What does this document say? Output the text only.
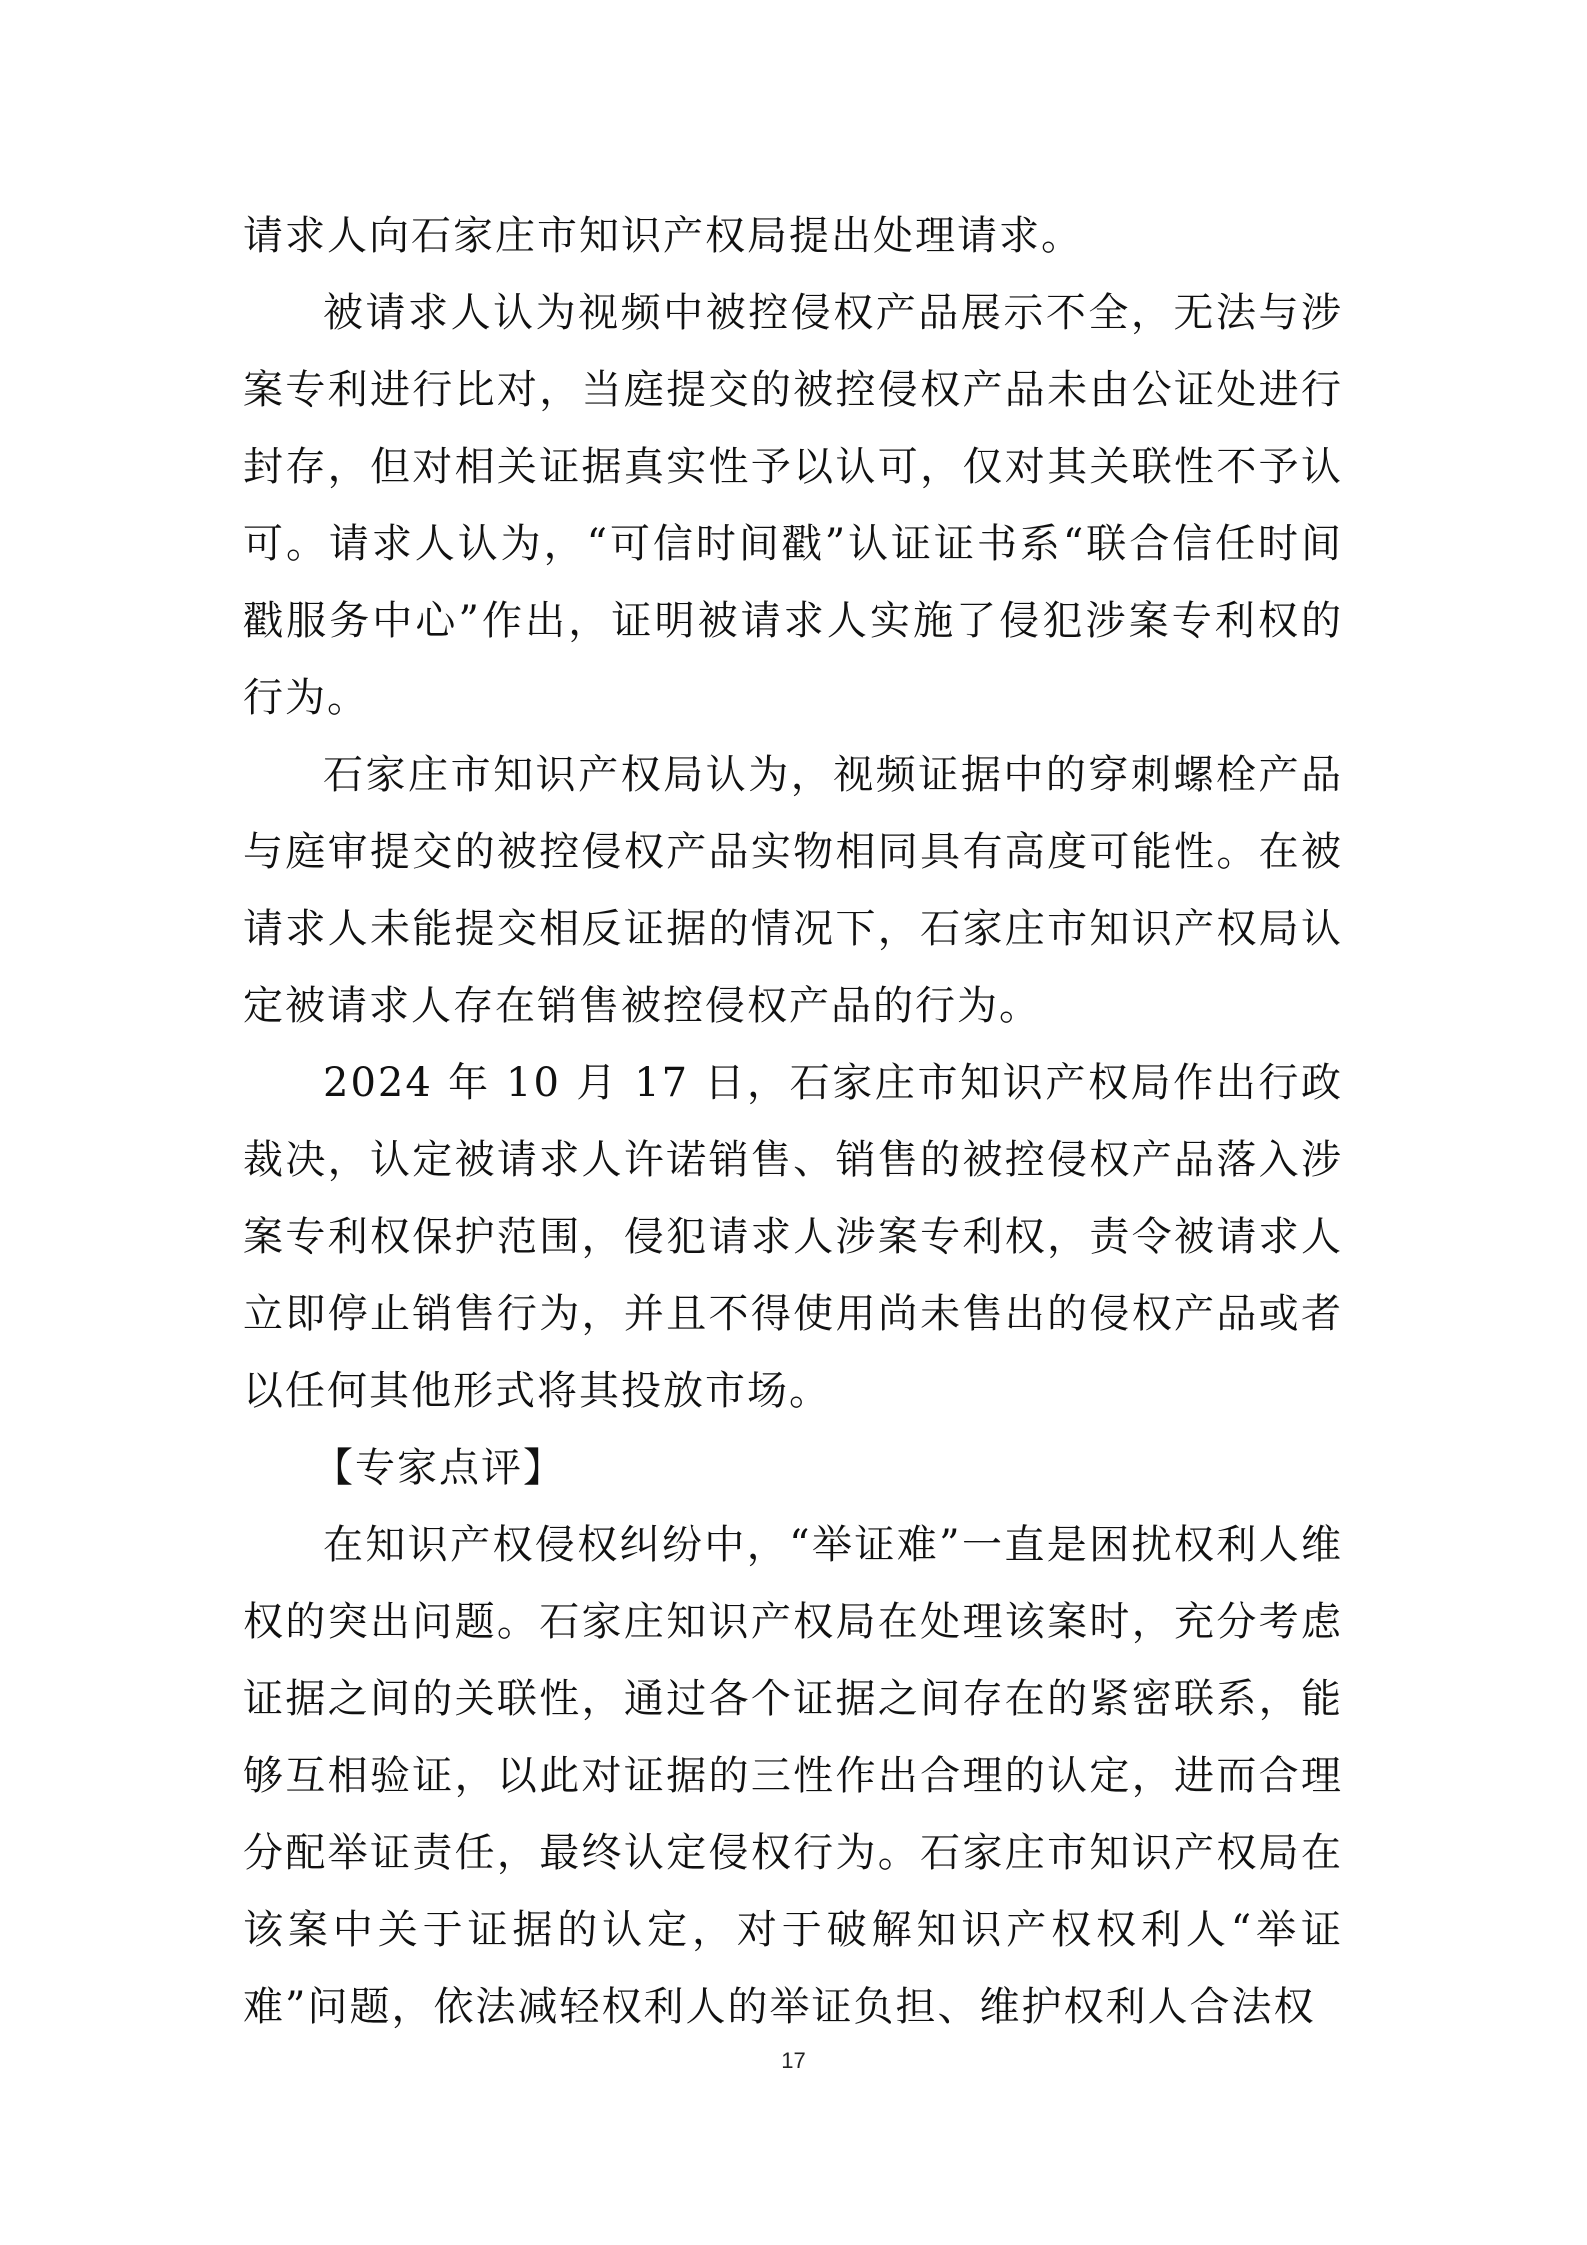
请求人向石家庄市知识产权局提出处理请求。

被请求人认为视频中被控侵权产品展示不全，无法与涉案专利进行比对，当庭提交的被控侵权产品未由公证处进行封存，但对相关证据真实性予以认可，仅对其关联性不予认可。请求人认为，“可信时间戳”认证证书系“联合信任时间戳服务中心”作出，证明被请求人实施了侵犯涉案专利权的行为。

石家庄市知识产权局认为，视频证据中的穿刺螺栓产品与庭审提交的被控侵权产品实物相同具有高度可能性。在被请求人未能提交相反证据的情况下，石家庄市知识产权局认定被请求人存在销售被控侵权产品的行为。

2024 年 10 月 17 日，石家庄市知识产权局作出行政裁决，认定被请求人许诺销售、销售的被控侵权产品落入涉案专利权保护范围，侵犯请求人涉案专利权，责令被请求人立即停止销售行为，并且不得使用尚未售出的侵权产品或者以任何其他形式将其投放市场。

【专家点评】

在知识产权侵权纠纷中，“举证难”一直是困扰权利人维权的突出问题。石家庄知识产权局在处理该案时，充分考虑证据之间的关联性，通过各个证据之间存在的紧密联系，能够互相验证，以此对证据的三性作出合理的认定，进而合理分配举证责任，最终认定侵权行为。石家庄市知识产权局在该案中关于证据的认定，对于破解知识产权权利人“举证难”问题，依法减轻权利人的举证负担、维护权利人合法权

17
